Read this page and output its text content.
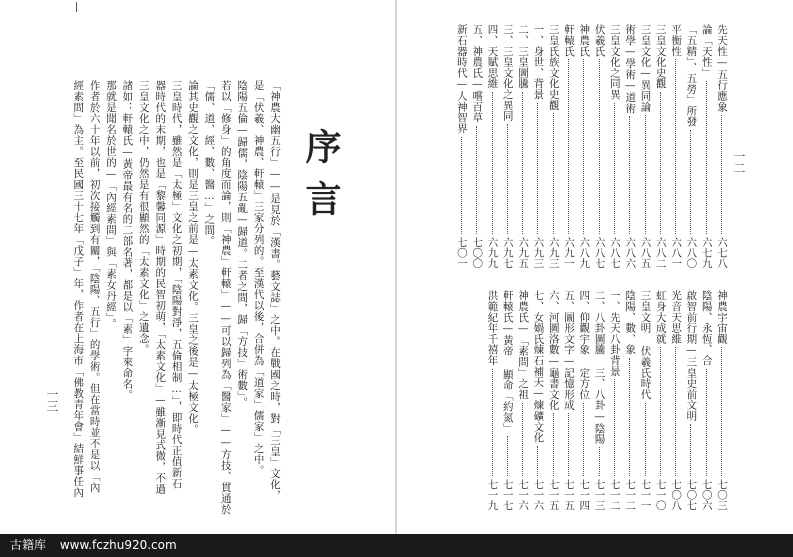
序言
「神農大幽五行」——是見於「漢書。藝文誌」之中。在戰國之時，對「三皇」文化，
是「伏羲、神農、軒轅」三家分列的。至漢代以後，合併為「道家」儒家」之中。
陰陽五倫—歸儒，陰陽五亂—歸道。二者之間，歸「方技」術數」。
若以「修身」的角度而論，則「神農」軒轅」——可以歸列為「醫家」——方技、貫通於
「儒、道、經、數、醫…」之間。
論其史觀之文化，則是三皇之前是—太素文化。三皇之後是—太極文化。
三皇時代，雖然是「太極」文化之初期，「陰陽對淨，五倫相制…」，即時代正值新石
器時代的末期，也是「黎馨同源」時期的民智初萌，「太素文化」—雖漸見式微，不過
三皇文化之中，仍然是有很顯然的「太素文化」之遺念。
諸如：軒轅氏—黃帝最有名的二部名著，都是以「素」字來命名。
那就是聞名於世的—「內經素問」與「素女丹經」。
作者於六十年以前，初次接觸到有關，「陰陽、五行」的學術。但在當時並不是以「內
經素問」為主。至民國三十七年「戊子」年，作者在上海市「佛教青年會」結鮮事任內
一三
先天性—五行應象
六七八
論「天性」
六七九
「五精」、五勞」所發
六八〇
平衡性
六八一
三皇文化史觀
六八二
三皇文化—異同論
六八五
術學—學術—道術
六八六
三皇文化之同異
六八七
伏羲氏
六八七
神農氏
六八九
軒轅氏
六九一
三皇氏族文化史觀
六九三
一、身世、背景
六九三
二、三皇圖騰
六九五
三、三皇文化之異同
六九七
四、天賦思維
六九九
五、神農氏—嚐百草
七〇〇
新石器時代—人神智界
七〇一
神農宇宙觀
七〇三
陰陽、永恆、合
七〇六
啟智前行期—三皇史前文明
七〇七
光音天思維
七〇八
虹身大成就
七一〇
三皇文明 伏羲氏時代
七一一
陰陽、數、象
七一二
一、先天八卦背景
七一二
二、八卦圖騰 三、八卦—陰陽
七一三
四、仰觀宇象 定方位
七一四
五、圖形文字—記憶形成
七一五
六、河圖洛數—龜書文化
七一五
七、女媧氏煉石補天—煉礦文化
七一六
神農氏—「素問」之祖
七一六
軒轅氏—黃帝 顯命「約氮」
七一七
洪範紀年千禧年
七一九
一二
古籍库 www.fczhu920.com
